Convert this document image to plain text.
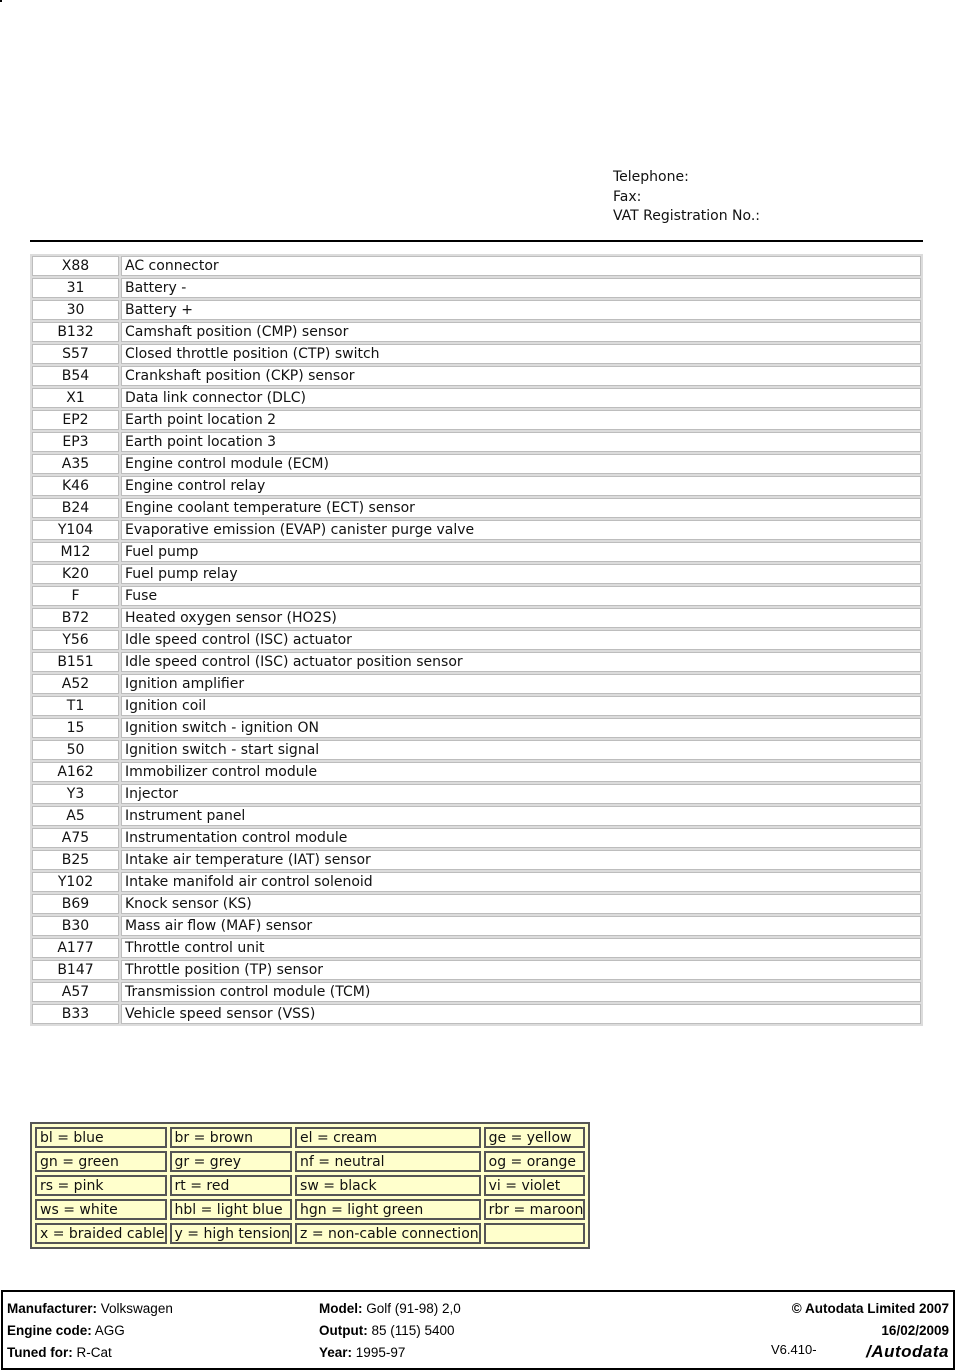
Telephone:
Fax:
VAT Registration No.:
X88	AC connector
31	Battery -
30	Battery +
B132	Camshaft position (CMP) sensor
S57	Closed throttle position (CTP) switch
B54	Crankshaft position (CKP) sensor
X1	Data link connector (DLC)
EP2	Earth point location 2
EP3	Earth point location 3
A35	Engine control module (ECM)
K46	Engine control relay
B24	Engine coolant temperature (ECT) sensor
Y104	Evaporative emission (EVAP) canister purge valve
M12	Fuel pump
K20	Fuel pump relay
F	Fuse
B72	Heated oxygen sensor (HO2S)
Y56	Idle speed control (ISC) actuator
B151	Idle speed control (ISC) actuator position sensor
A52	Ignition amplifier
T1	Ignition coil
15	Ignition switch - ignition ON
50	Ignition switch - start signal
A162	Immobilizer control module
Y3	Injector
A5	Instrument panel
A75	Instrumentation control module
B25	Intake air temperature (IAT) sensor
Y102	Intake manifold air control solenoid
B69	Knock sensor (KS)
B30	Mass air flow (MAF) sensor
A177	Throttle control unit
B147	Throttle position (TP) sensor
A57	Transmission control module (TCM)
B33	Vehicle speed sensor (VSS)
bl = blue	br = brown	el = cream	ge = yellow
gn = green	gr = grey	nf = neutral	og = orange
rs = pink	rt = red	sw = black	vi = violet
ws = white	hbl = light blue	hgn = light green	rbr = maroon
x = braided cable	y = high tension	z = non-cable connection	
Manufacturer: Volkswagen
Engine code: AGG
Tuned for: R-Cat
Model: Golf (91-98) 2,0
Output: 85 (115) 5400
Year: 1995-97
© Autodata Limited 2007
16/02/2009
V6.410-	/Autodata
